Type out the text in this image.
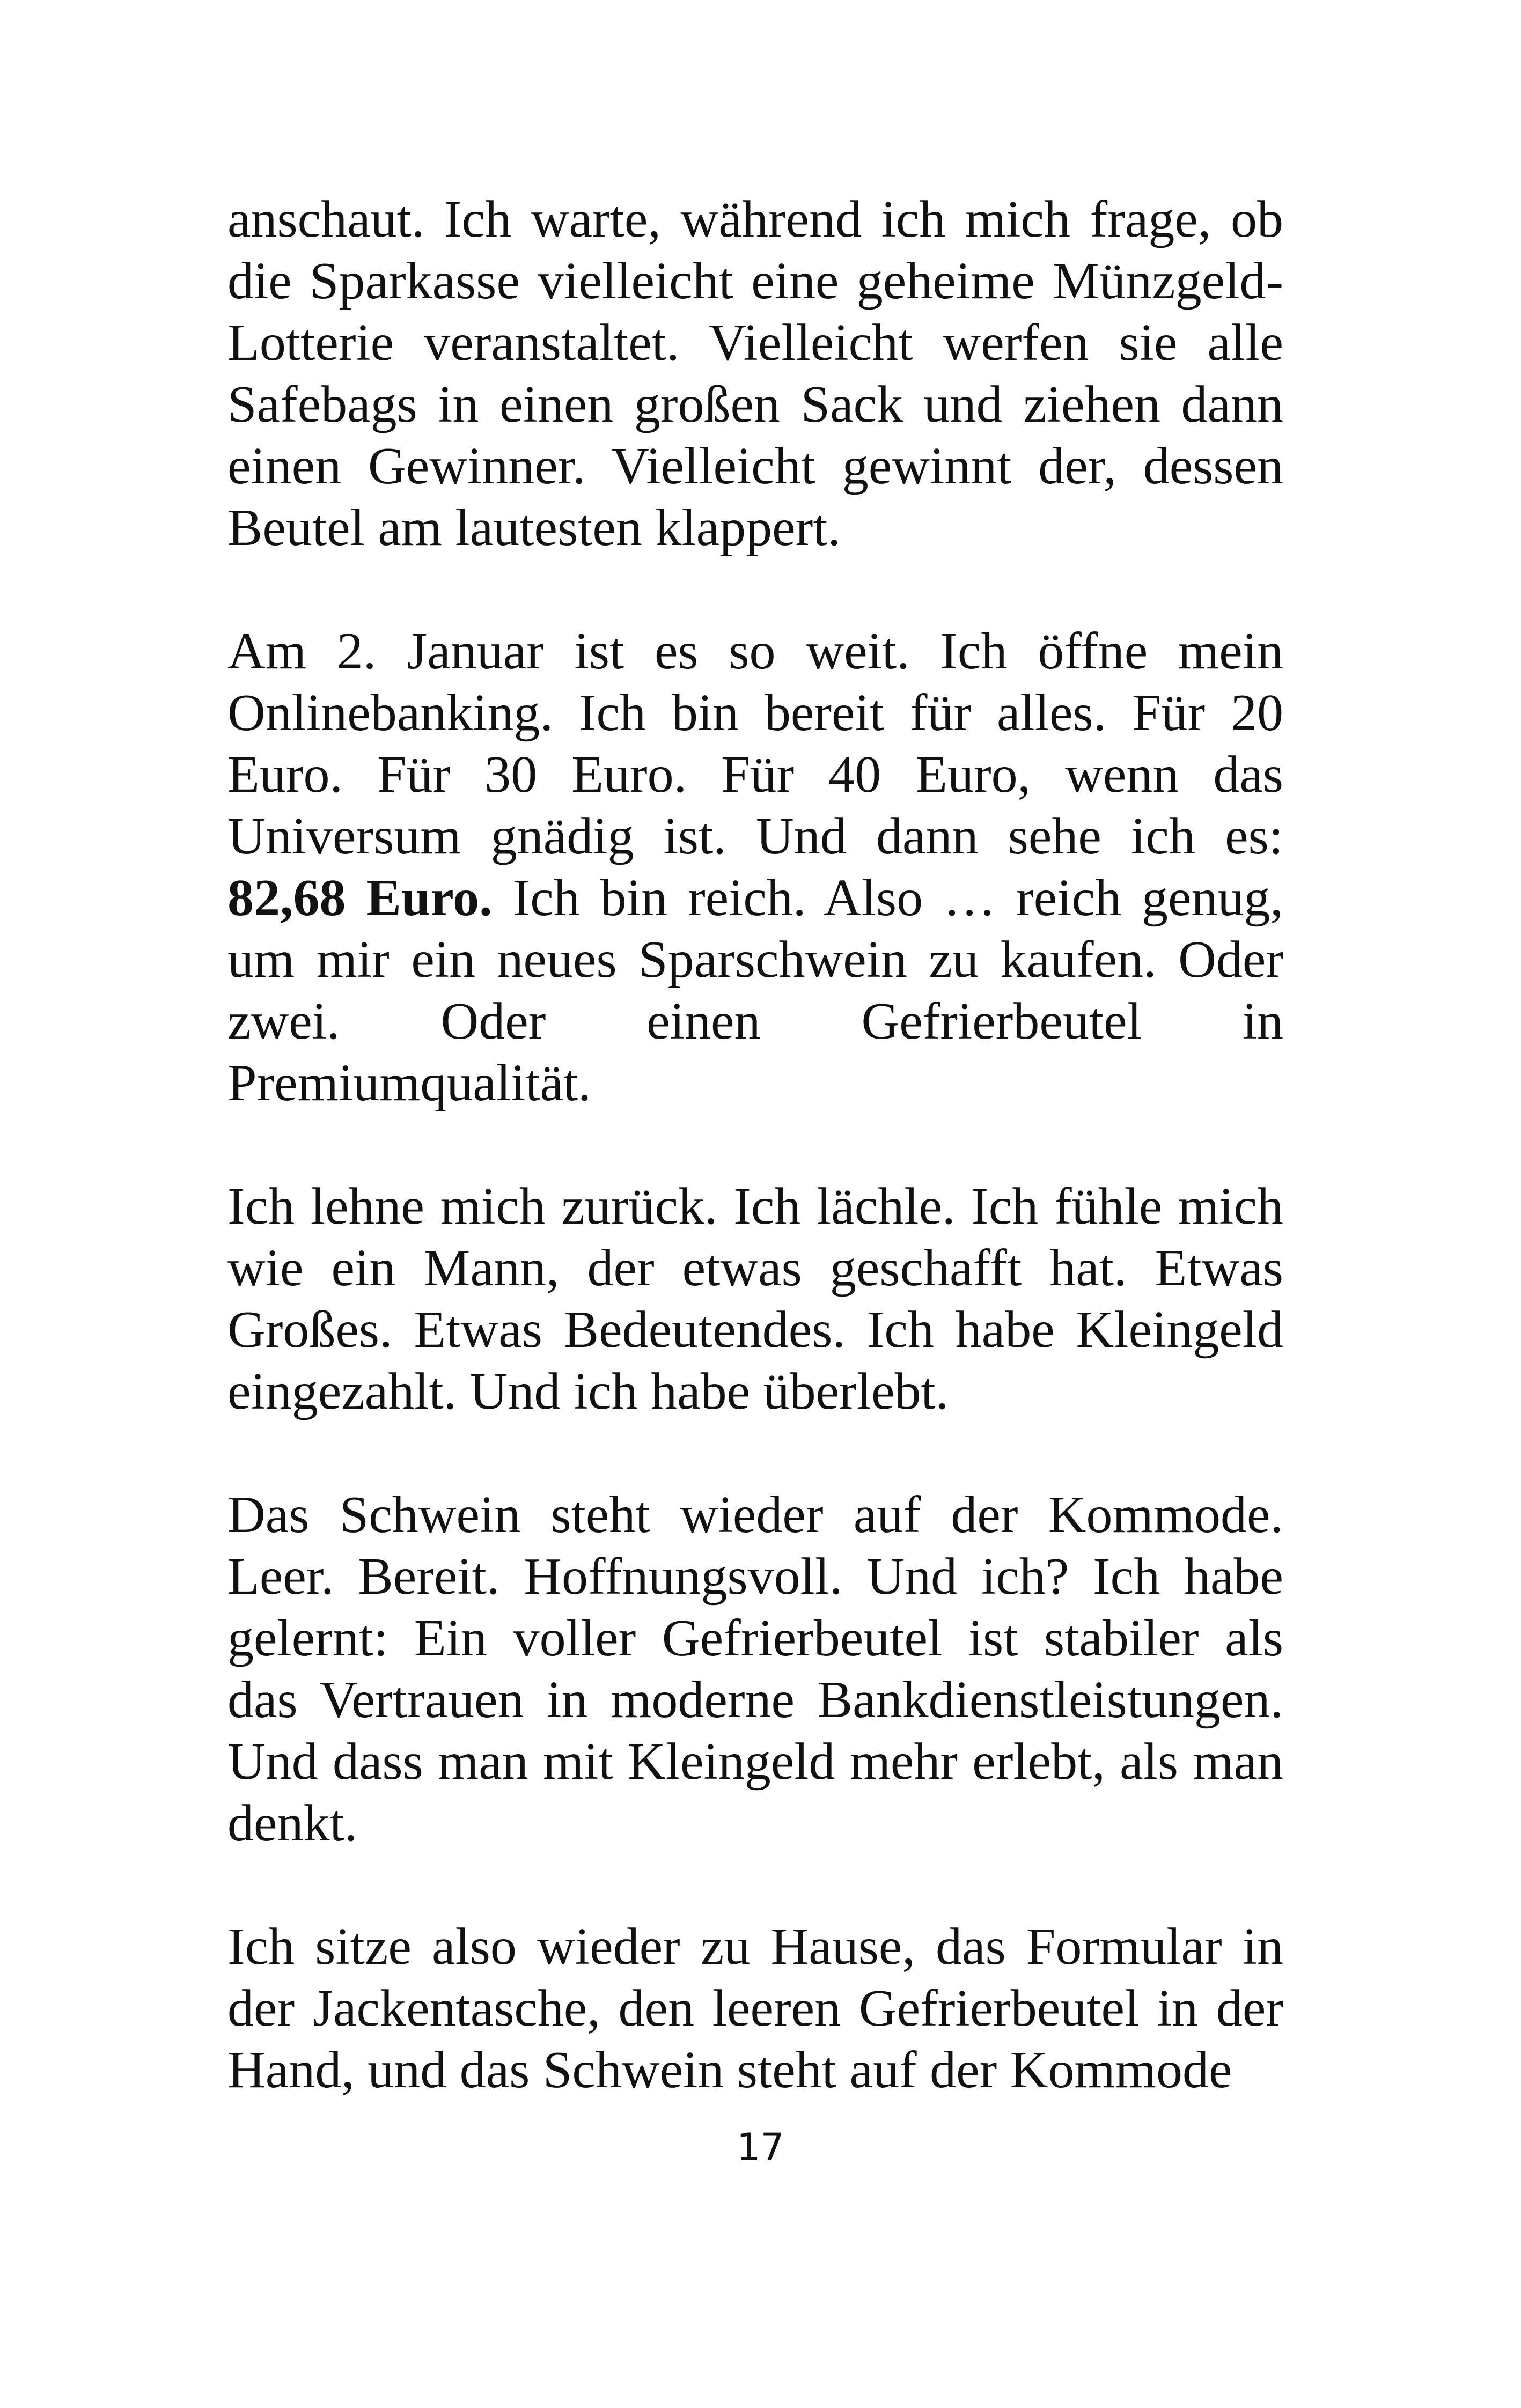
anschaut. Ich warte, während ich mich frage, ob die Sparkasse vielleicht eine geheime Münzgeld-Lotterie veranstaltet. Vielleicht werfen sie alle Safebags in einen großen Sack und ziehen dann einen Gewinner. Vielleicht gewinnt der, dessen Beutel am lautesten klappert.

Am 2. Januar ist es so weit. Ich öffne mein Onlinebanking. Ich bin bereit für alles. Für 20 Euro. Für 30 Euro. Für 40 Euro, wenn das Universum gnädig ist. Und dann sehe ich es: 82,68 Euro. Ich bin reich. Also … reich genug, um mir ein neues Sparschwein zu kaufen. Oder zwei. Oder einen Gefrierbeutel in Premiumqualität.

Ich lehne mich zurück. Ich lächle. Ich fühle mich wie ein Mann, der etwas geschafft hat. Etwas Großes. Etwas Bedeutendes. Ich habe Kleingeld eingezahlt. Und ich habe überlebt.

Das Schwein steht wieder auf der Kommode. Leer. Bereit. Hoffnungsvoll. Und ich? Ich habe gelernt: Ein voller Gefrierbeutel ist stabiler als das Vertrauen in moderne Bankdienstleistungen. Und dass man mit Kleingeld mehr erlebt, als man denkt.

Ich sitze also wieder zu Hause, das Formular in der Jackentasche, den leeren Gefrierbeutel in der Hand, und das Schwein steht auf der Kommode

17
